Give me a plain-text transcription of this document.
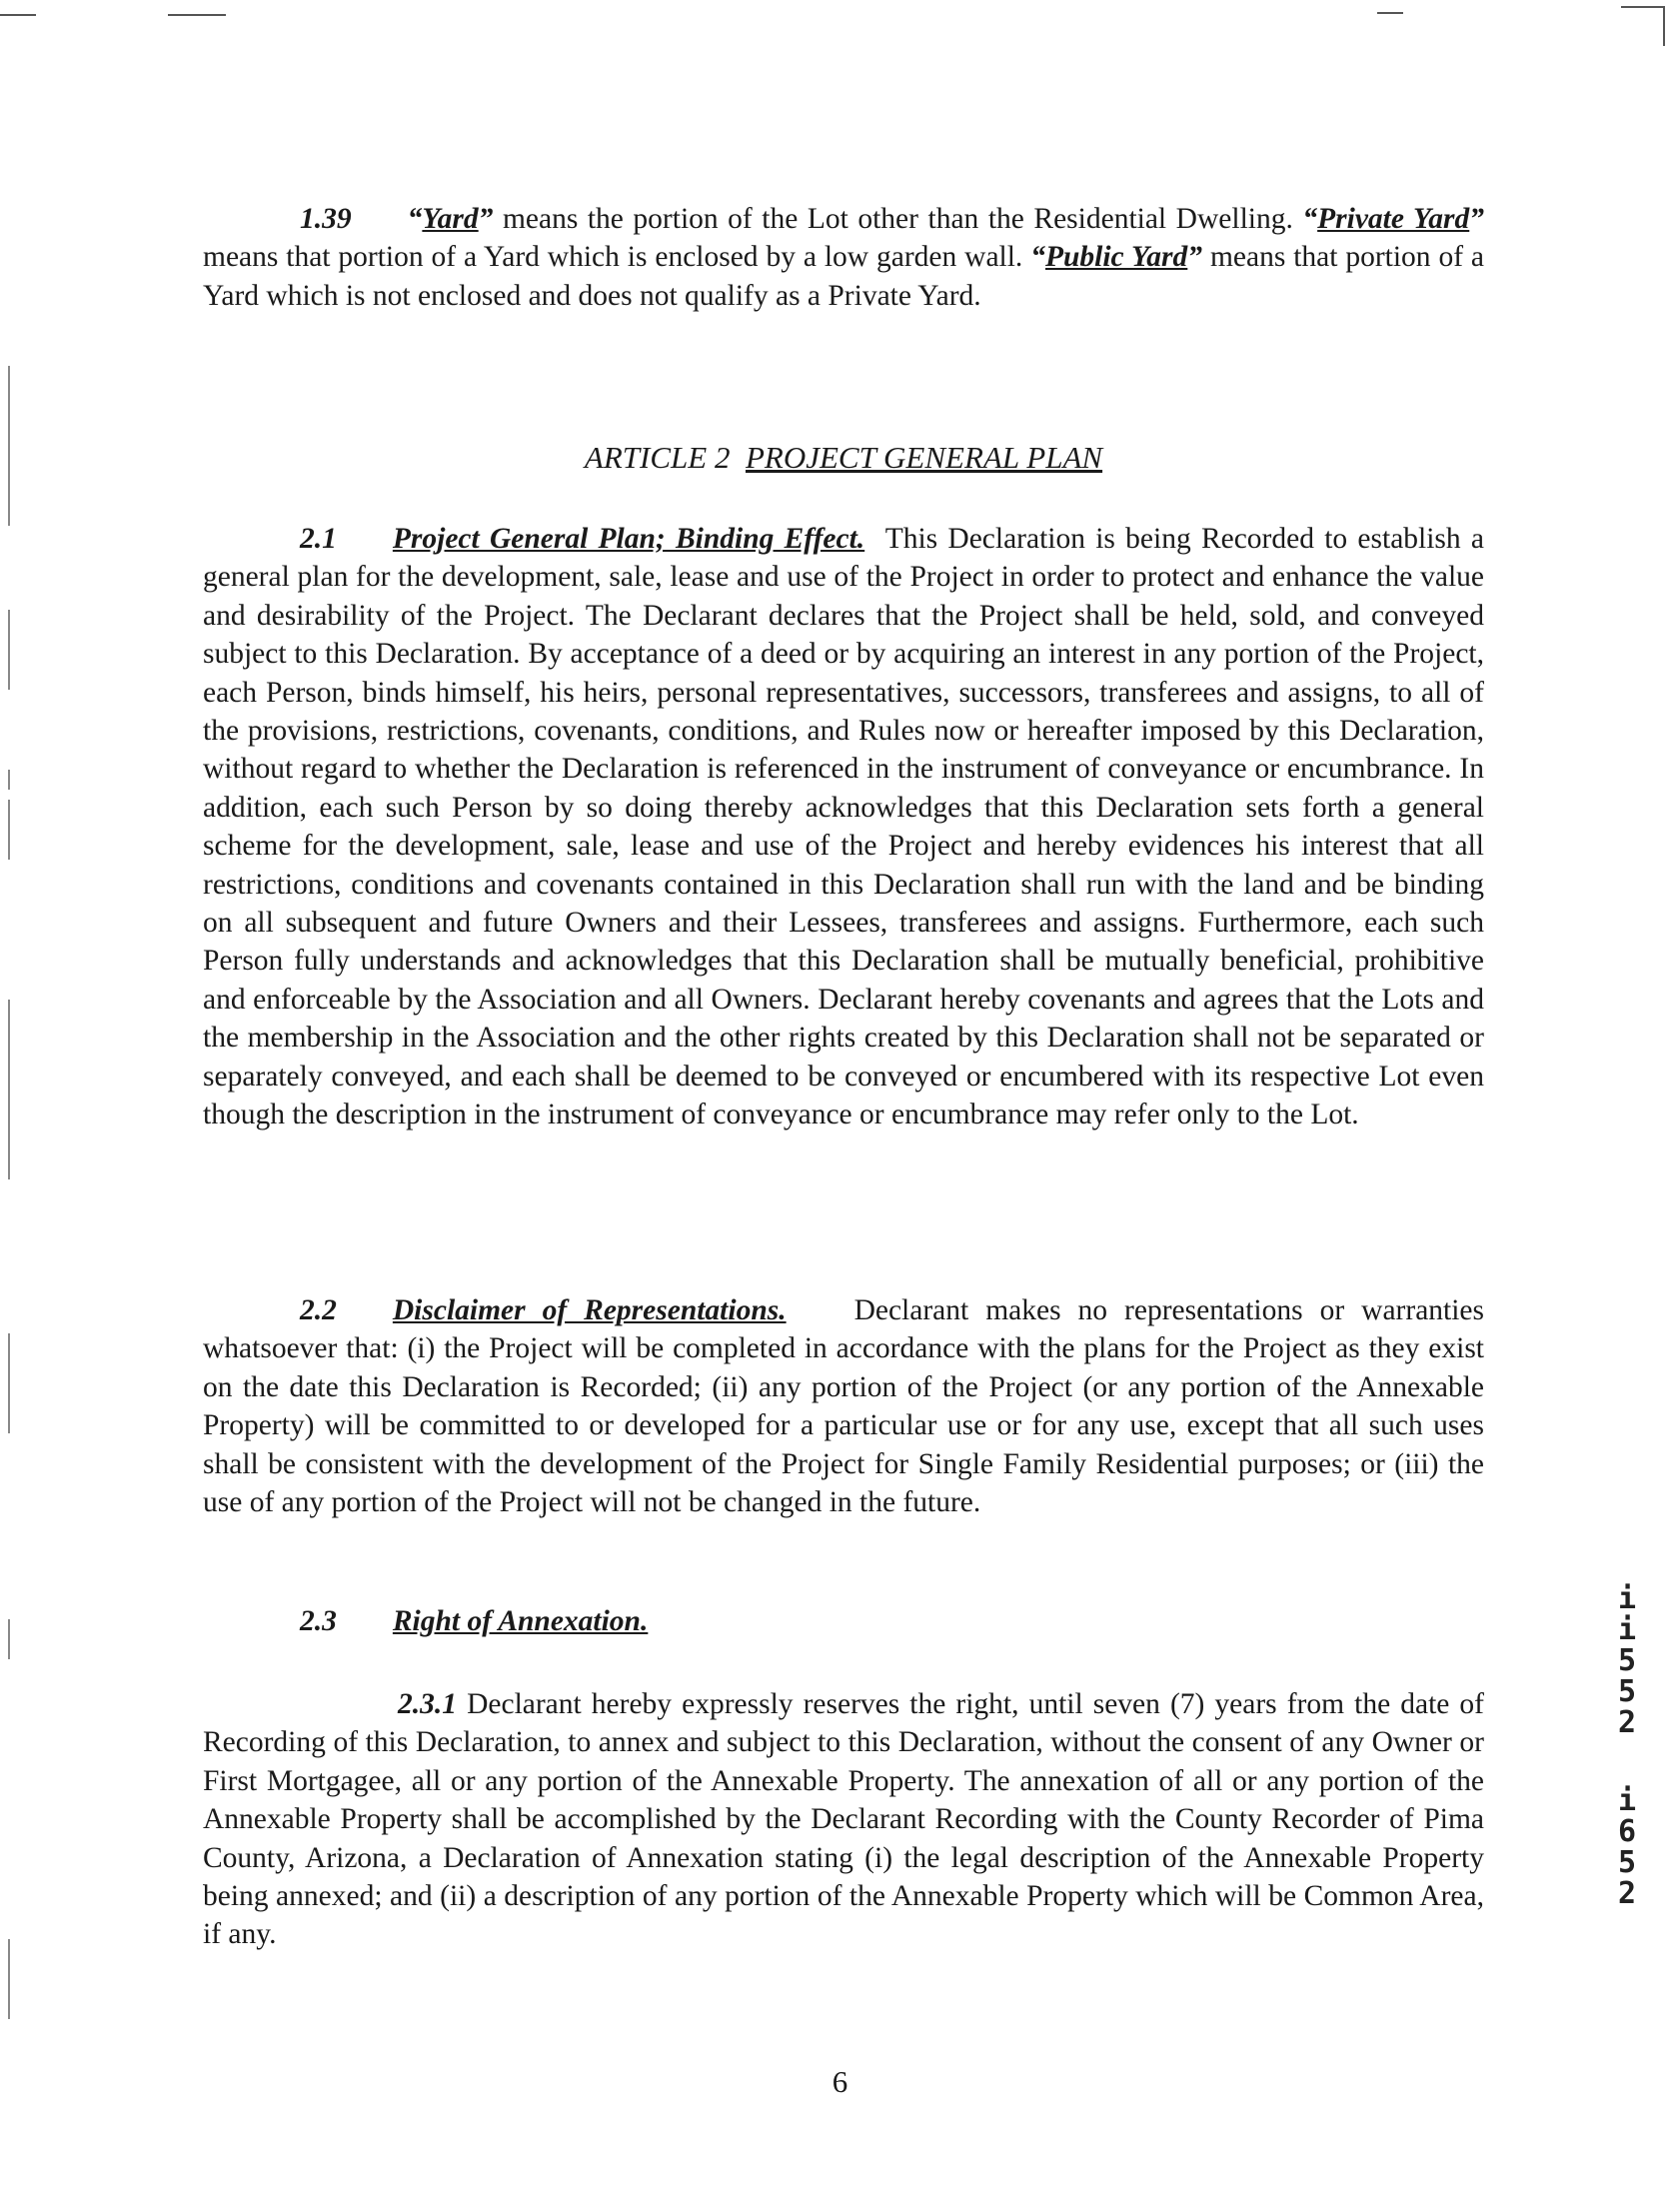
1.39 “Yard” means the portion of the Lot other than the Residential Dwelling. “Private Yard” means that portion of a Yard which is enclosed by a low garden wall. “Public Yard” means that portion of a Yard which is not enclosed and does not qualify as a Private Yard.
ARTICLE 2  PROJECT GENERAL PLAN
2.1 Project General Plan; Binding Effect. This Declaration is being Recorded to establish a general plan for the development, sale, lease and use of the Project in order to protect and enhance the value and desirability of the Project. The Declarant declares that the Project shall be held, sold, and conveyed subject to this Declaration. By acceptance of a deed or by acquiring an interest in any portion of the Project, each Person, binds himself, his heirs, personal representatives, successors, transferees and assigns, to all of the provisions, restrictions, covenants, conditions, and Rules now or hereafter imposed by this Declaration, without regard to whether the Declaration is referenced in the instrument of conveyance or encumbrance. In addition, each such Person by so doing thereby acknowledges that this Declaration sets forth a general scheme for the development, sale, lease and use of the Project and hereby evidences his interest that all restrictions, conditions and covenants contained in this Declaration shall run with the land and be binding on all subsequent and future Owners and their Lessees, transferees and assigns. Furthermore, each such Person fully understands and acknowledges that this Declaration shall be mutually beneficial, prohibitive and enforceable by the Association and all Owners. Declarant hereby covenants and agrees that the Lots and the membership in the Association and the other rights created by this Declaration shall not be separated or separately conveyed, and each shall be deemed to be conveyed or encumbered with its respective Lot even though the description in the instrument of conveyance or encumbrance may refer only to the Lot.
2.2 Disclaimer of Representations. Declarant makes no representations or warranties whatsoever that: (i) the Project will be completed in accordance with the plans for the Project as they exist on the date this Declaration is Recorded; (ii) any portion of the Project (or any portion of the Annexable Property) will be committed to or developed for a particular use or for any use, except that all such uses shall be consistent with the development of the Project for Single Family Residential purposes; or (iii) the use of any portion of the Project will not be changed in the future.
2.3 Right of Annexation.
2.3.1 Declarant hereby expressly reserves the right, until seven (7) years from the date of Recording of this Declaration, to annex and subject to this Declaration, without the consent of any Owner or First Mortgagee, all or any portion of the Annexable Property. The annexation of all or any portion of the Annexable Property shall be accomplished by the Declarant Recording with the County Recorder of Pima County, Arizona, a Declaration of Annexation stating (i) the legal description of the Annexable Property being annexed; and (ii) a description of any portion of the Annexable Property which will be Common Area, if any.
i
i
5
5
2
i
6
5
2
6
